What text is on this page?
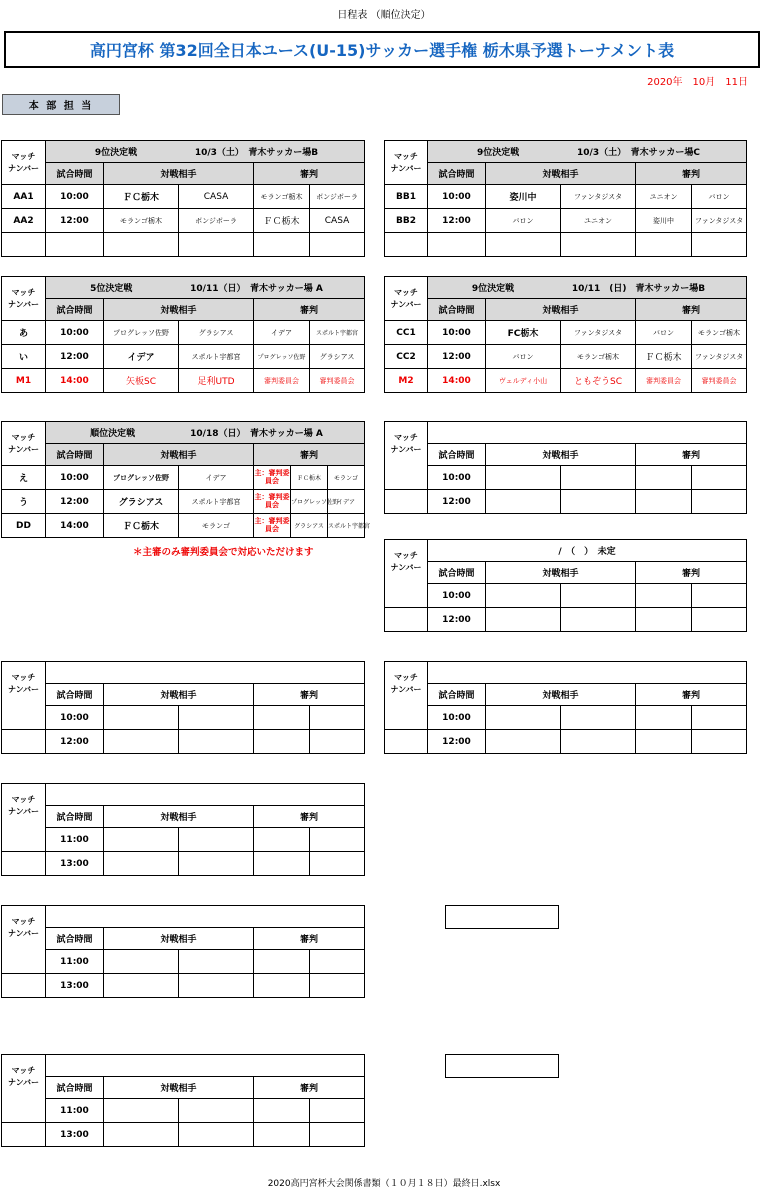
日程表 （順位決定）
高円宮杯 第32回全日本ユース(U-15)サッカー選手権 栃木県予選トーナメント表
2020年　10月　11日
本 部 担 当
マッチ
ナンバー	9位決定戦 10/3（土）　青木サッカー場B				
	試合時間	対戦相手		審判	
AA1	10:00	ＦＣ栃木	CASA	モランゴ栃木	ボンジボーラ
AA2	12:00	モランゴ栃木	ボンジボーラ	ＦＣ栃木	CASA

マッチ
ナンバー	9位決定戦 10/3（土）　青木サッカー場C				
	試合時間	対戦相手		審判	
BB1	10:00	姿川中	ファンタジスタ	ユニオン	バロン
BB2	12:00	バロン	ユニオン	姿川中	ファンタジスタ

マッチ
ナンバー	5位決定戦 10/11（日）　青木サッカー場 A				
	試合時間	対戦相手		審判	
あ	10:00	プログレッソ佐野	グラシアス	イデア	スポルト宇都宮
い	12:00	イデア	スポルト宇都宮	プログレッソ佐野	グラシアス
M1	14:00	矢板SC	足利UTD	審判委員会	審判委員会
マッチ
ナンバー	9位決定戦 10/11　(日)　青木サッカー場B				
	試合時間	対戦相手		審判	
CC1	10:00	FC栃木	ファンタジスタ	バロン	モランゴ栃木
CC2	12:00	バロン	モランゴ栃木	ＦＣ栃木	ファンタジスタ
M2	14:00	ヴェルディ小山	ともぞうSC	審判委員会	審判委員会
マッチ
ナンバー	順位決定戦 10/18（日）　青木サッカー場 A					
	試合時間	対戦相手		審判		
え	10:00	プログレッソ佐野	イデア	主：審判委員会	ＦＣ栃木	モランゴ
う	12:00	グラシアス	スポルト宇都宮	主：審判委員会	プログレッソ佐野	イデア
DD	14:00	ＦＣ栃木	モランゴ	主：審判委員会	グラシアス	スポルト宇都宮
＊主審のみ審判委員会で対応いただけます
マッチ
ナンバー					
	試合時間	対戦相手		審判	
	10:00				
	12:00				
マッチ
ナンバー	/　（　）　未定				
	試合時間	対戦相手		審判	
	10:00				
	12:00				
マッチ
ナンバー					
	試合時間	対戦相手		審判	
	10:00				
	12:00				
マッチ
ナンバー					
	試合時間	対戦相手		審判	
	10:00				
	12:00				
マッチ
ナンバー					
	試合時間	対戦相手		審判	
	11:00				
	13:00				
マッチ
ナンバー					
	試合時間	対戦相手		審判	
	11:00				
	13:00				
マッチ
ナンバー					
	試合時間	対戦相手		審判	
	11:00				
	13:00				
2020高円宮杯大会関係書類（１０月１８日）最終日.xlsx
